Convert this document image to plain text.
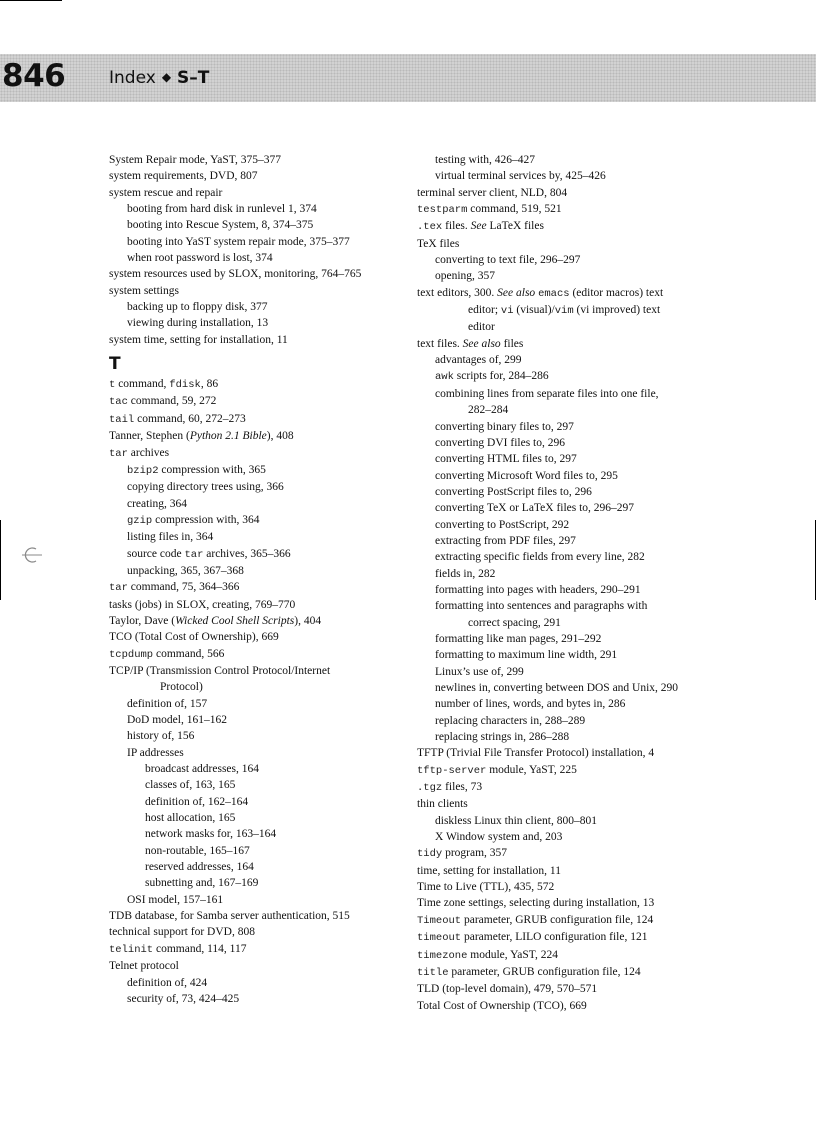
846	Index ◆ S–T
System Repair mode, YaST, 375–377
system requirements, DVD, 807
system rescue and repair
booting from hard disk in runlevel 1, 374
booting into Rescue System, 8, 374–375
booting into YaST system repair mode, 375–377
when root password is lost, 374
system resources used by SLOX, monitoring, 764–765
system settings
backing up to floppy disk, 377
viewing during installation, 13
system time, setting for installation, 11
T
t command, fdisk, 86
tac command, 59, 272
tail command, 60, 272–273
Tanner, Stephen (Python 2.1 Bible), 408
tar archives
bzip2 compression with, 365
copying directory trees using, 366
creating, 364
gzip compression with, 364
listing files in, 364
source code tar archives, 365–366
unpacking, 365, 367–368
tar command, 75, 364–366
tasks (jobs) in SLOX, creating, 769–770
Taylor, Dave (Wicked Cool Shell Scripts), 404
TCO (Total Cost of Ownership), 669
tcpdump command, 566
TCP/IP (Transmission Control Protocol/Internet
Protocol)
definition of, 157
DoD model, 161–162
history of, 156
IP addresses
broadcast addresses, 164
classes of, 163, 165
definition of, 162–164
host allocation, 165
network masks for, 163–164
non-routable, 165–167
reserved addresses, 164
subnetting and, 167–169
OSI model, 157–161
TDB database, for Samba server authentication, 515
technical support for DVD, 808
telinit command, 114, 117
Telnet protocol
definition of, 424
security of, 73, 424–425
testing with, 426–427
virtual terminal services by, 425–426
terminal server client, NLD, 804
testparm command, 519, 521
.tex files. See LaTeX files
TeX files
converting to text file, 296–297
opening, 357
text editors, 300. See also emacs (editor macros) text
editor; vi (visual)/vim (vi improved) text
editor
text files. See also files
advantages of, 299
awk scripts for, 284–286
combining lines from separate files into one file,
282–284
converting binary files to, 297
converting DVI files to, 296
converting HTML files to, 297
converting Microsoft Word files to, 295
converting PostScript files to, 296
converting TeX or LaTeX files to, 296–297
converting to PostScript, 292
extracting from PDF files, 297
extracting specific fields from every line, 282
fields in, 282
formatting into pages with headers, 290–291
formatting into sentences and paragraphs with
correct spacing, 291
formatting like man pages, 291–292
formatting to maximum line width, 291
Linux’s use of, 299
newlines in, converting between DOS and Unix, 290
number of lines, words, and bytes in, 286
replacing characters in, 288–289
replacing strings in, 286–288
TFTP (Trivial File Transfer Protocol) installation, 4
tftp-server module, YaST, 225
.tgz files, 73
thin clients
diskless Linux thin client, 800–801
X Window system and, 203
tidy program, 357
time, setting for installation, 11
Time to Live (TTL), 435, 572
Time zone settings, selecting during installation, 13
Timeout parameter, GRUB configuration file, 124
timeout parameter, LILO configuration file, 121
timezone module, YaST, 224
title parameter, GRUB configuration file, 124
TLD (top-level domain), 479, 570–571
Total Cost of Ownership (TCO), 669
